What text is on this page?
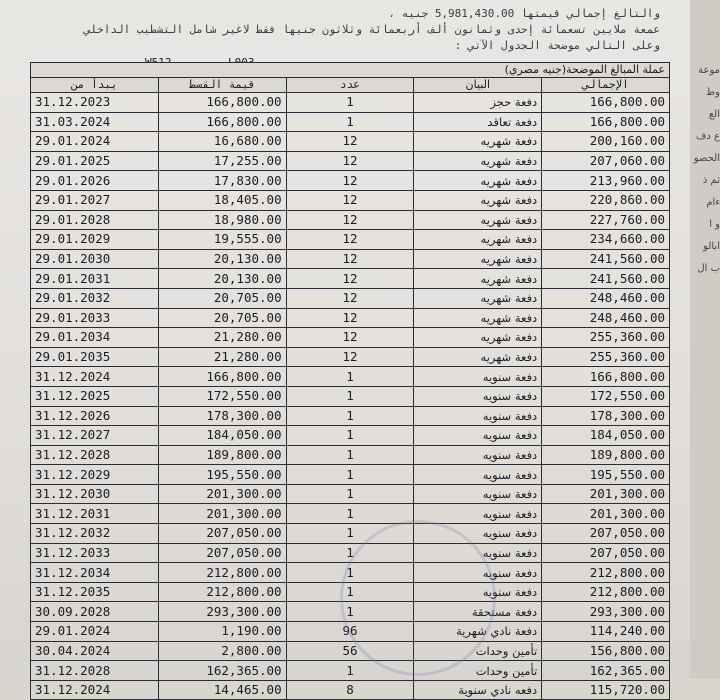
والتالغ إجمالي قيمتها 5,981,430.00 جنيه ،
عمعة ملايين تسعمائة إحدى وثمانون ألف أربعمائة وثلاثون جنيها فقط لاغير شامل التشطيب الداخلي
وعلى التالي موضحة الجدول الآتي :
عملة المبالغ الموضحة(جنيه مصري)				
يبدأ من	قيمة القسط	عدد	البيان	الإجمالي
31.12.2023	166,800.00	1	دفعة حجز	166,800.00
31.03.2024	166,800.00	1	دفعة تعاقد	166,800.00
29.01.2024	16,680.00	12	دفعة شهريه	200,160.00
29.01.2025	17,255.00	12	دفعة شهريه	207,060.00
29.01.2026	17,830.00	12	دفعة شهريه	213,960.00
29.01.2027	18,405.00	12	دفعة شهريه	220,860.00
29.01.2028	18,980.00	12	دفعة شهريه	227,760.00
29.01.2029	19,555.00	12	دفعة شهريه	234,660.00
29.01.2030	20,130.00	12	دفعة شهريه	241,560.00
29.01.2031	20,130.00	12	دفعة شهريه	241,560.00
29.01.2032	20,705.00	12	دفعة شهريه	248,460.00
29.01.2033	20,705.00	12	دفعة شهريه	248,460.00
29.01.2034	21,280.00	12	دفعة شهريه	255,360.00
29.01.2035	21,280.00	12	دفعة شهريه	255,360.00
31.12.2024	166,800.00	1	دفعة سنويه	166,800.00
31.12.2025	172,550.00	1	دفعة سنويه	172,550.00
31.12.2026	178,300.00	1	دفعة سنويه	178,300.00
31.12.2027	184,050.00	1	دفعة سنويه	184,050.00
31.12.2028	189,800.00	1	دفعة سنويه	189,800.00
31.12.2029	195,550.00	1	دفعة سنويه	195,550.00
31.12.2030	201,300.00	1	دفعة سنويه	201,300.00
31.12.2031	201,300.00	1	دفعة سنويه	201,300.00
31.12.2032	207,050.00	1	دفعة سنويه	207,050.00
31.12.2033	207,050.00	1	دفعة سنويه	207,050.00
31.12.2034	212,800.00	1	دفعة سنويه	212,800.00
31.12.2035	212,800.00	1	دفعة سنويه	212,800.00
30.09.2028	293,300.00	1	دفعة مستحقة	293,300.00
29.01.2024	1,190.00	96	دفعة نادي شهرية	114,240.00
30.04.2024	2,800.00	56	تأمين وحدات	156,800.00
31.12.2028	162,365.00	1	تأمين وحدات	162,365.00
31.12.2024	14,465.00	8	دفعه نادي سنوية	115,720.00
موعة
وط الع
ع دف
الحصو
ثم ذ
ءام
و ا
ابالو
ب ال
